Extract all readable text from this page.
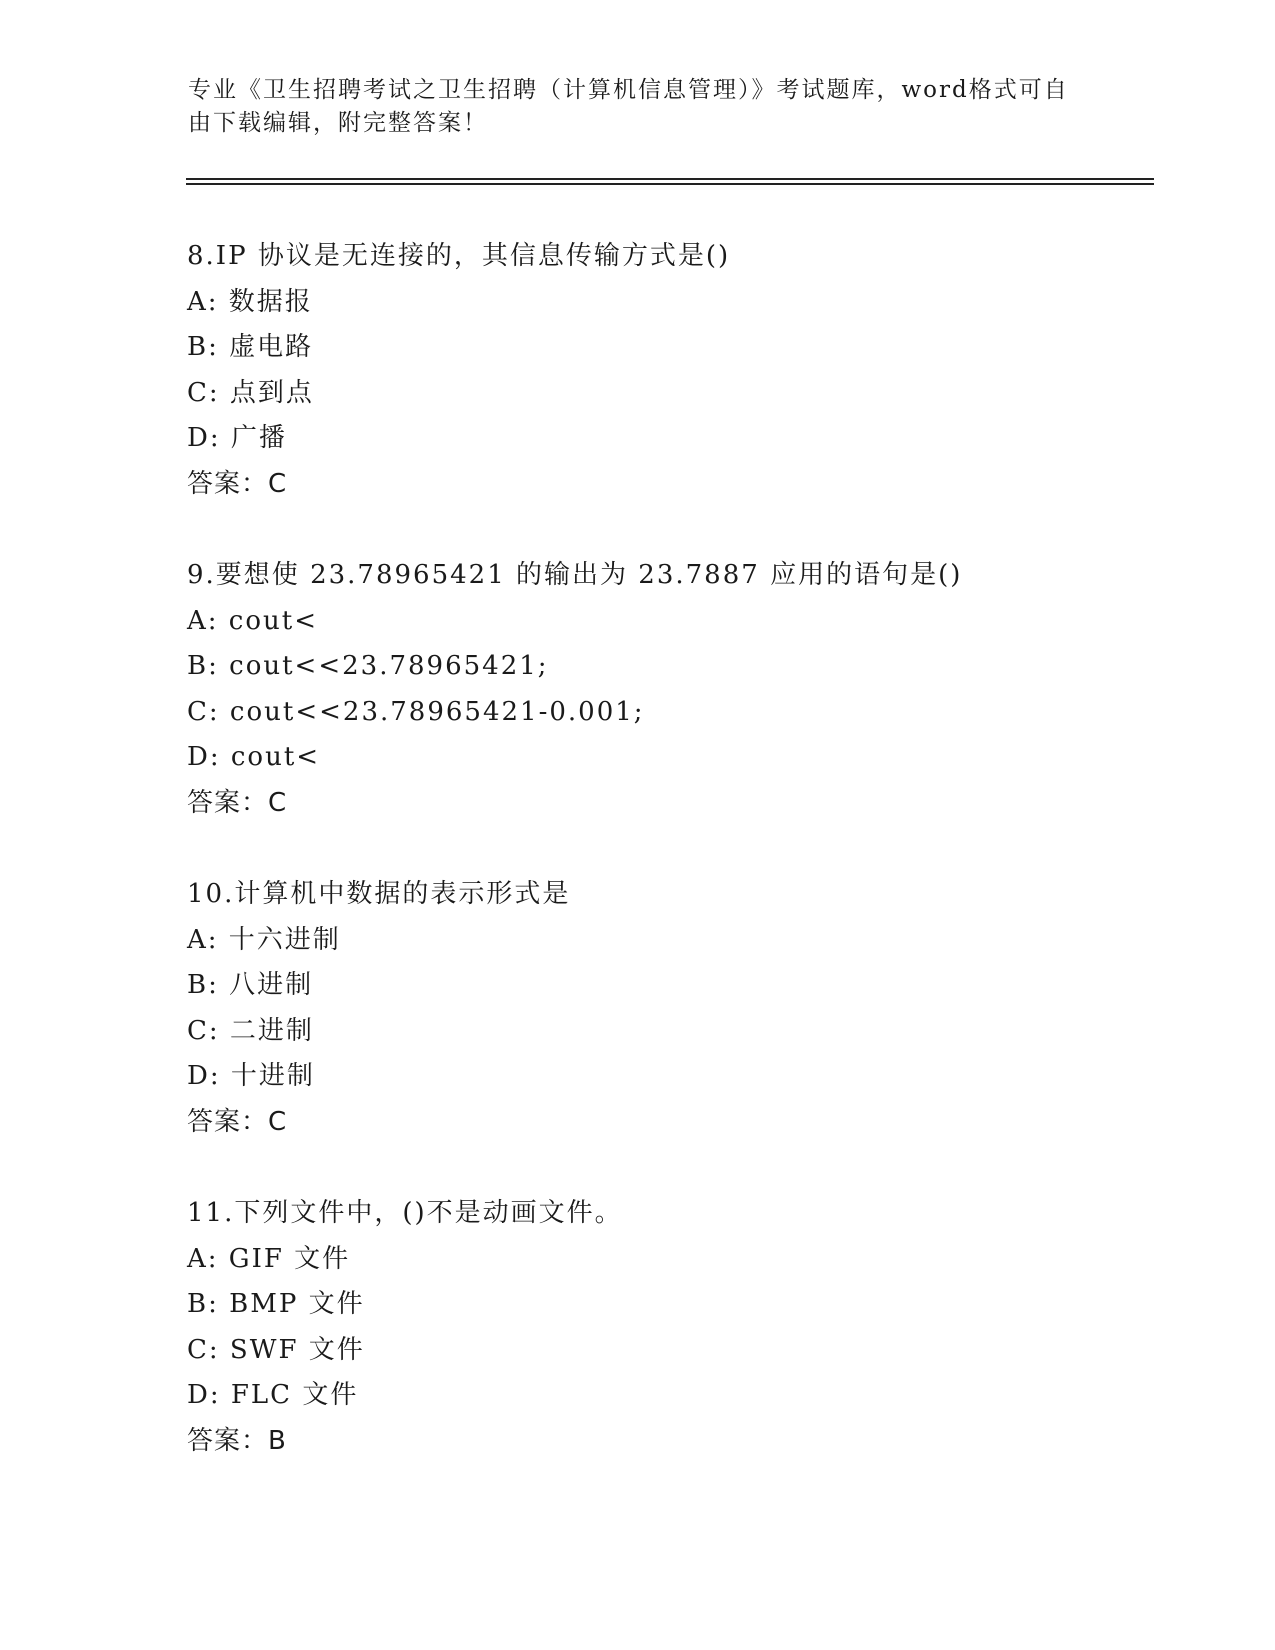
专业《卫生招聘考试之卫生招聘（计算机信息管理）》考试题库，word格式可自
由下载编辑，附完整答案！
8.IP 协议是无连接的，其信息传输方式是()
A: 数据报
B: 虚电路
C: 点到点
D: 广播
答案：C
9.要想使 23.78965421 的输出为 23.7887 应用的语句是()
A: cout<
B: cout<<23.78965421;
C: cout<<23.78965421-0.001;
D: cout<
答案：C
10.计算机中数据的表示形式是
A: 十六进制
B: 八进制
C: 二进制
D: 十进制
答案：C
11.下列文件中，()不是动画文件。
A: GIF 文件
B: BMP 文件
C: SWF 文件
D: FLC 文件
答案：B
